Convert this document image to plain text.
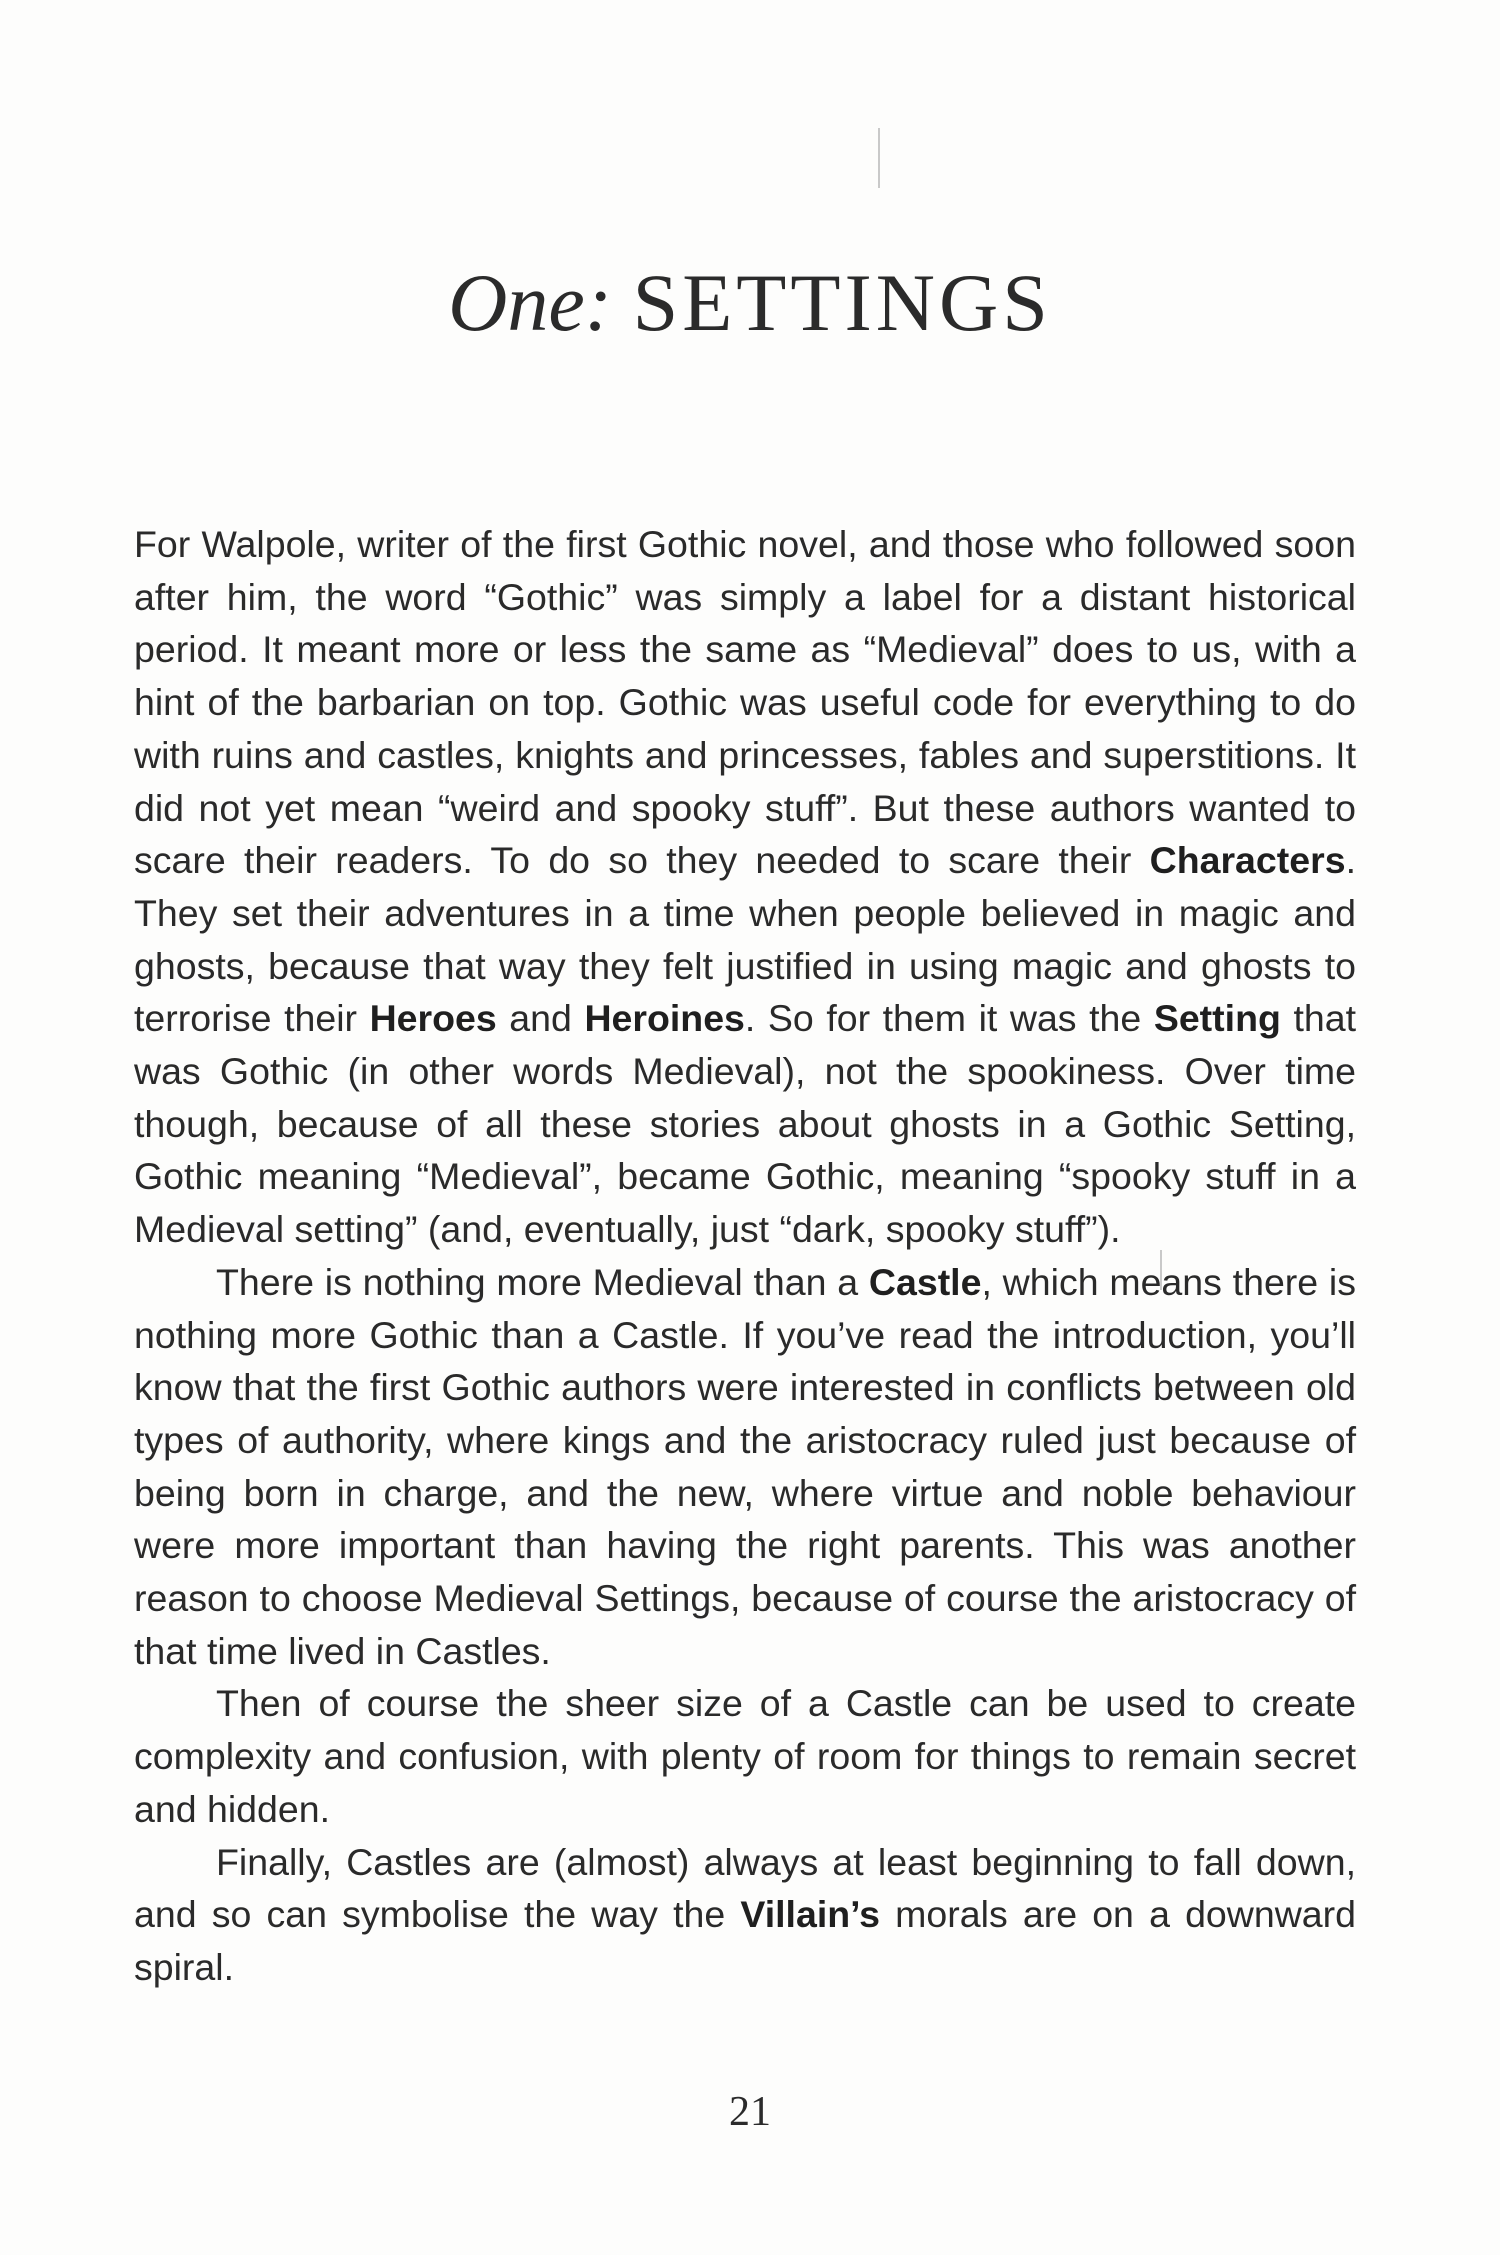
One: SETTINGS

For Walpole, writer of the first Gothic novel, and those who followed soon after him, the word “Gothic” was simply a label for a distant historical period. It meant more or less the same as “Medieval” does to us, with a hint of the barbarian on top. Gothic was useful code for everything to do with ruins and castles, knights and princesses, fables and superstitions. It did not yet mean “weird and spooky stuff”. But these authors wanted to scare their readers. To do so they needed to scare their Characters. They set their adventures in a time when people believed in magic and ghosts, because that way they felt justified in using magic and ghosts to terrorise their Heroes and Heroines. So for them it was the Setting that was Gothic (in other words Medieval), not the spookiness. Over time though, because of all these stories about ghosts in a Gothic Setting, Gothic meaning “Medieval”, became Gothic, meaning “spooky stuff in a Medieval setting” (and, eventually, just “dark, spooky stuff”).

There is nothing more Medieval than a Castle, which means there is nothing more Gothic than a Castle. If you’ve read the introduction, you’ll know that the first Gothic authors were interested in conflicts between old types of authority, where kings and the aristocracy ruled just because of being born in charge, and the new, where virtue and noble behaviour were more important than having the right parents. This was another reason to choose Medieval Settings, because of course the aristocracy of that time lived in Castles.

Then of course the sheer size of a Castle can be used to create complexity and confusion, with plenty of room for things to remain secret and hidden.

Finally, Castles are (almost) always at least beginning to fall down, and so can symbolise the way the Villain’s morals are on a downward spiral.

21
